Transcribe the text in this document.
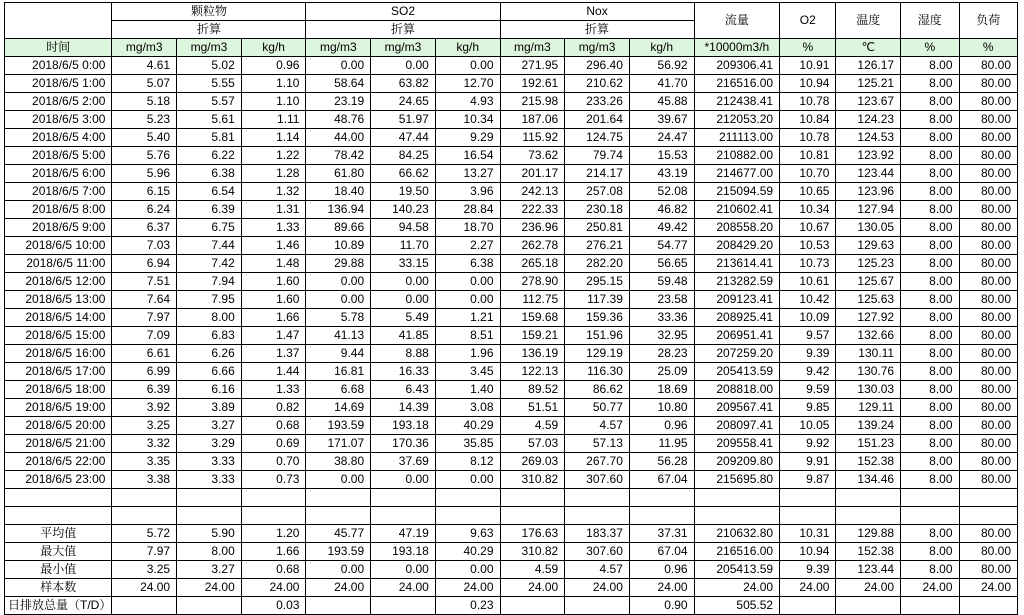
	颗粒物			SO2			Nox			流量	O2	温度	湿度	负荷
	折算			折算			折算							
时间	mg/m3	mg/m3	kg/h	mg/m3	mg/m3	kg/h	mg/m3	mg/m3	kg/h	*10000m3/h	%	℃	%	%
2018/6/5 0:00	4.61	5.02	0.96	0.00	0.00	0.00	271.95	296.40	56.92	209306.41	10.91	126.17	8.00	80.00
2018/6/5 1:00	5.07	5.55	1.10	58.64	63.82	12.70	192.61	210.62	41.70	216516.00	10.94	125.21	8.00	80.00
2018/6/5 2:00	5.18	5.57	1.10	23.19	24.65	4.93	215.98	233.26	45.88	212438.41	10.78	123.67	8.00	80.00
2018/6/5 3:00	5.23	5.61	1.11	48.76	51.97	10.34	187.06	201.64	39.67	212053.20	10.84	124.23	8.00	80.00
2018/6/5 4:00	5.40	5.81	1.14	44.00	47.44	9.29	115.92	124.75	24.47	211113.00	10.78	124.53	8.00	80.00
2018/6/5 5:00	5.76	6.22	1.22	78.42	84.25	16.54	73.62	79.74	15.53	210882.00	10.81	123.92	8.00	80.00
2018/6/5 6:00	5.96	6.38	1.28	61.80	66.62	13.27	201.17	214.17	43.19	214677.00	10.70	123.44	8.00	80.00
2018/6/5 7:00	6.15	6.54	1.32	18.40	19.50	3.96	242.13	257.08	52.08	215094.59	10.65	123.96	8.00	80.00
2018/6/5 8:00	6.24	6.39	1.31	136.94	140.23	28.84	222.33	230.18	46.82	210602.41	10.34	127.94	8.00	80.00
2018/6/5 9:00	6.37	6.75	1.33	89.66	94.58	18.70	236.96	250.81	49.42	208558.20	10.67	130.05	8.00	80.00
2018/6/5 10:00	7.03	7.44	1.46	10.89	11.70	2.27	262.78	276.21	54.77	208429.20	10.53	129.63	8.00	80.00
2018/6/5 11:00	6.94	7.42	1.48	29.88	33.15	6.38	265.18	282.20	56.65	213614.41	10.73	125.23	8.00	80.00
2018/6/5 12:00	7.51	7.94	1.60	0.00	0.00	0.00	278.90	295.15	59.48	213282.59	10.61	125.67	8.00	80.00
2018/6/5 13:00	7.64	7.95	1.60	0.00	0.00	0.00	112.75	117.39	23.58	209123.41	10.42	125.63	8.00	80.00
2018/6/5 14:00	7.97	8.00	1.66	5.78	5.49	1.21	159.68	159.36	33.36	208925.41	10.09	127.92	8.00	80.00
2018/6/5 15:00	7.09	6.83	1.47	41.13	41.85	8.51	159.21	151.96	32.95	206951.41	9.57	132.66	8.00	80.00
2018/6/5 16:00	6.61	6.26	1.37	9.44	8.88	1.96	136.19	129.19	28.23	207259.20	9.39	130.11	8.00	80.00
2018/6/5 17:00	6.99	6.66	1.44	16.81	16.33	3.45	122.13	116.30	25.09	205413.59	9.42	130.76	8.00	80.00
2018/6/5 18:00	6.39	6.16	1.33	6.68	6.43	1.40	89.52	86.62	18.69	208818.00	9.59	130.03	8.00	80.00
2018/6/5 19:00	3.92	3.89	0.82	14.69	14.39	3.08	51.51	50.77	10.80	209567.41	9.85	129.11	8.00	80.00
2018/6/5 20:00	3.25	3.27	0.68	193.59	193.18	40.29	4.59	4.57	0.96	208097.41	10.05	139.24	8.00	80.00
2018/6/5 21:00	3.32	3.29	0.69	171.07	170.36	35.85	57.03	57.13	11.95	209558.41	9.92	151.23	8.00	80.00
2018/6/5 22:00	3.35	3.33	0.70	38.80	37.69	8.12	269.03	267.70	56.28	209209.80	9.91	152.38	8.00	80.00
2018/6/5 23:00	3.38	3.33	0.73	0.00	0.00	0.00	310.82	307.60	67.04	215695.80	9.87	134.46	8.00	80.00

平均值	5.72	5.90	1.20	45.77	47.19	9.63	176.63	183.37	37.31	210632.80	10.31	129.88	8.00	80.00
最大值	7.97	8.00	1.66	193.59	193.18	40.29	310.82	307.60	67.04	216516.00	10.94	152.38	8.00	80.00
最小值	3.25	3.27	0.68	0.00	0.00	0.00	4.59	4.57	0.96	205413.59	9.39	123.44	8.00	80.00
样本数	24.00	24.00	24.00	24.00	24.00	24.00	24.00	24.00	24.00	24.00	24.00	24.00	24.00	24.00
日排放总量（T/D）			0.03			0.23			0.90	505.52				
